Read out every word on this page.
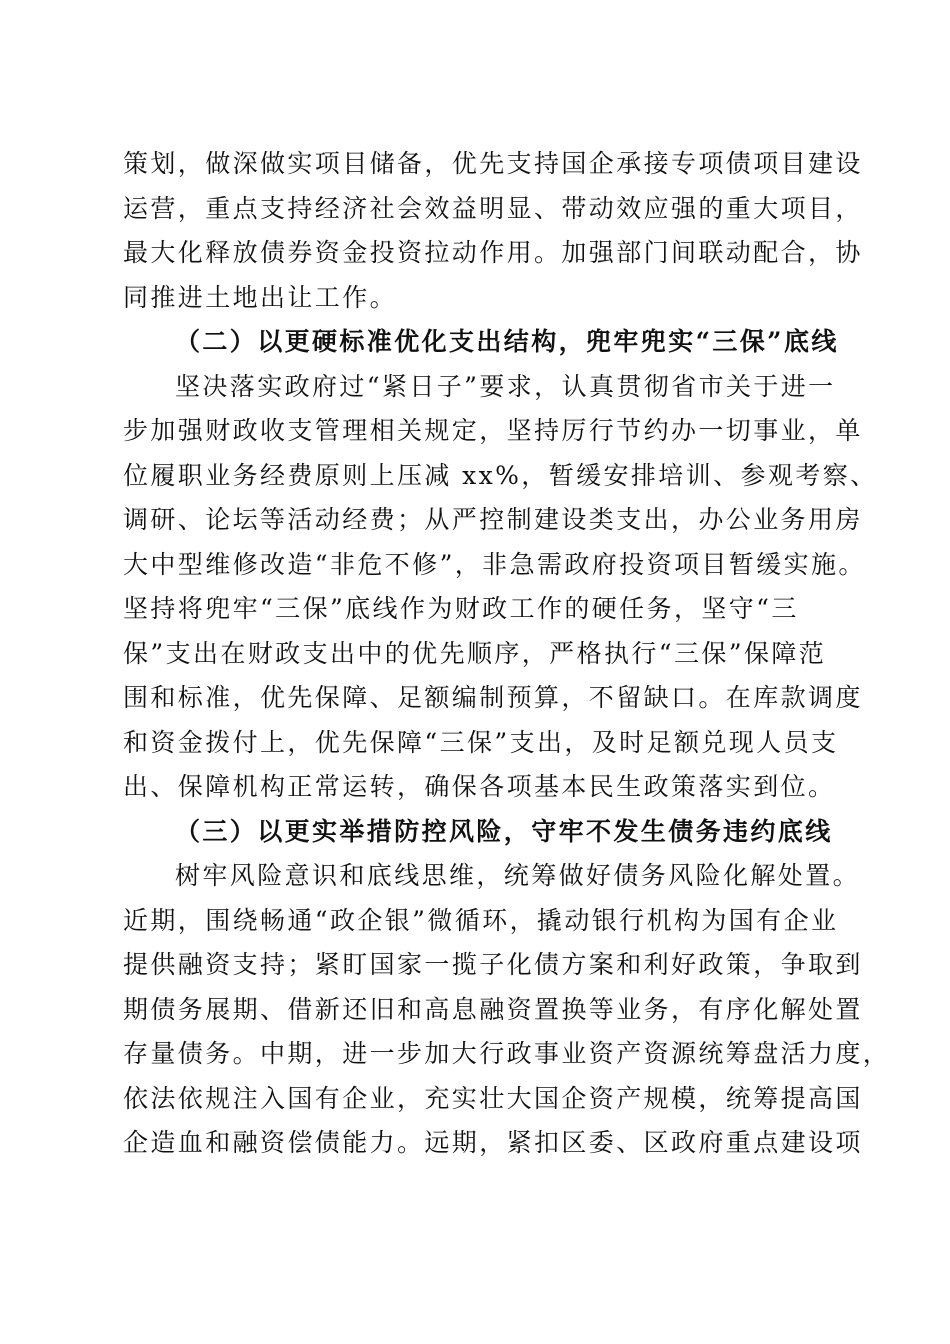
策划，做深做实项目储备，优先支持国企承接专项债项目建设
运营，重点支持经济社会效益明显、带动效应强的重大项目，
最大化释放债券资金投资拉动作用。加强部门间联动配合，协
同推进土地出让工作。
（二）以更硬标准优化支出结构，兜牢兜实“三保”底线
坚决落实政府过“紧日子”要求，认真贯彻省市关于进一
步加强财政收支管理相关规定，坚持厉行节约办一切事业，单
位履职业务经费原则上压减 xx%，暂缓安排培训、参观考察、
调研、论坛等活动经费；从严控制建设类支出，办公业务用房
大中型维修改造“非危不修”，非急需政府投资项目暂缓实施。
坚持将兜牢“三保”底线作为财政工作的硬任务，坚守“三
保”支出在财政支出中的优先顺序，严格执行“三保”保障范
围和标准，优先保障、足额编制预算，不留缺口。在库款调度
和资金拨付上，优先保障“三保”支出，及时足额兑现人员支
出、保障机构正常运转，确保各项基本民生政策落实到位。
（三）以更实举措防控风险，守牢不发生债务违约底线
树牢风险意识和底线思维，统筹做好债务风险化解处置。
近期，围绕畅通“政企银”微循环，撬动银行机构为国有企业
提供融资支持；紧盯国家一揽子化债方案和利好政策，争取到
期债务展期、借新还旧和高息融资置换等业务，有序化解处置
存量债务。中期，进一步加大行政事业资产资源统筹盘活力度，
依法依规注入国有企业，充实壮大国企资产规模，统筹提高国
企造血和融资偿债能力。远期，紧扣区委、区政府重点建设项
